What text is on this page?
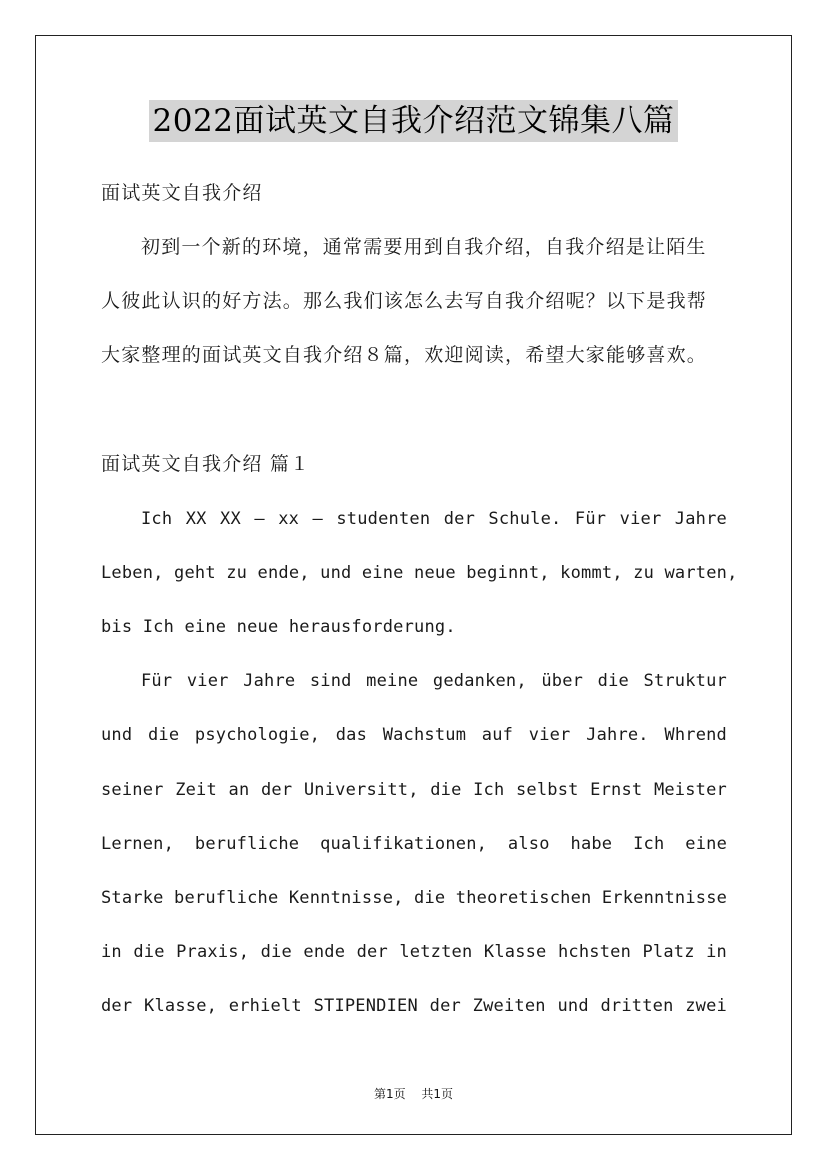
2022面试英文自我介绍范文锦集八篇
面试英文自我介绍
初到一个新的环境，通常需要用到自我介绍，自我介绍是让陌生
人彼此认识的好方法。那么我们该怎么去写自我介绍呢？以下是我帮
大家整理的面试英文自我介绍８篇，欢迎阅读，希望大家能够喜欢。
面试英文自我介绍 篇１
Ich XX XX – xx – studenten der Schule. Für vier Jahre
Leben, geht zu ende, und eine neue beginnt, kommt, zu warten,
bis Ich eine neue herausforderung.
Für vier Jahre sind meine gedanken, über die Struktur
und die psychologie, das Wachstum auf vier Jahre. Whrend
seiner Zeit an der Universitt, die Ich selbst Ernst Meister
Lernen, berufliche qualifikationen, also habe Ich eine
Starke berufliche Kenntnisse, die theoretischen Erkenntnisse
in die Praxis, die ende der letzten Klasse hchsten Platz in
der Klasse, erhielt STIPENDIEN der Zweiten und dritten zwei
第1页 共1页
